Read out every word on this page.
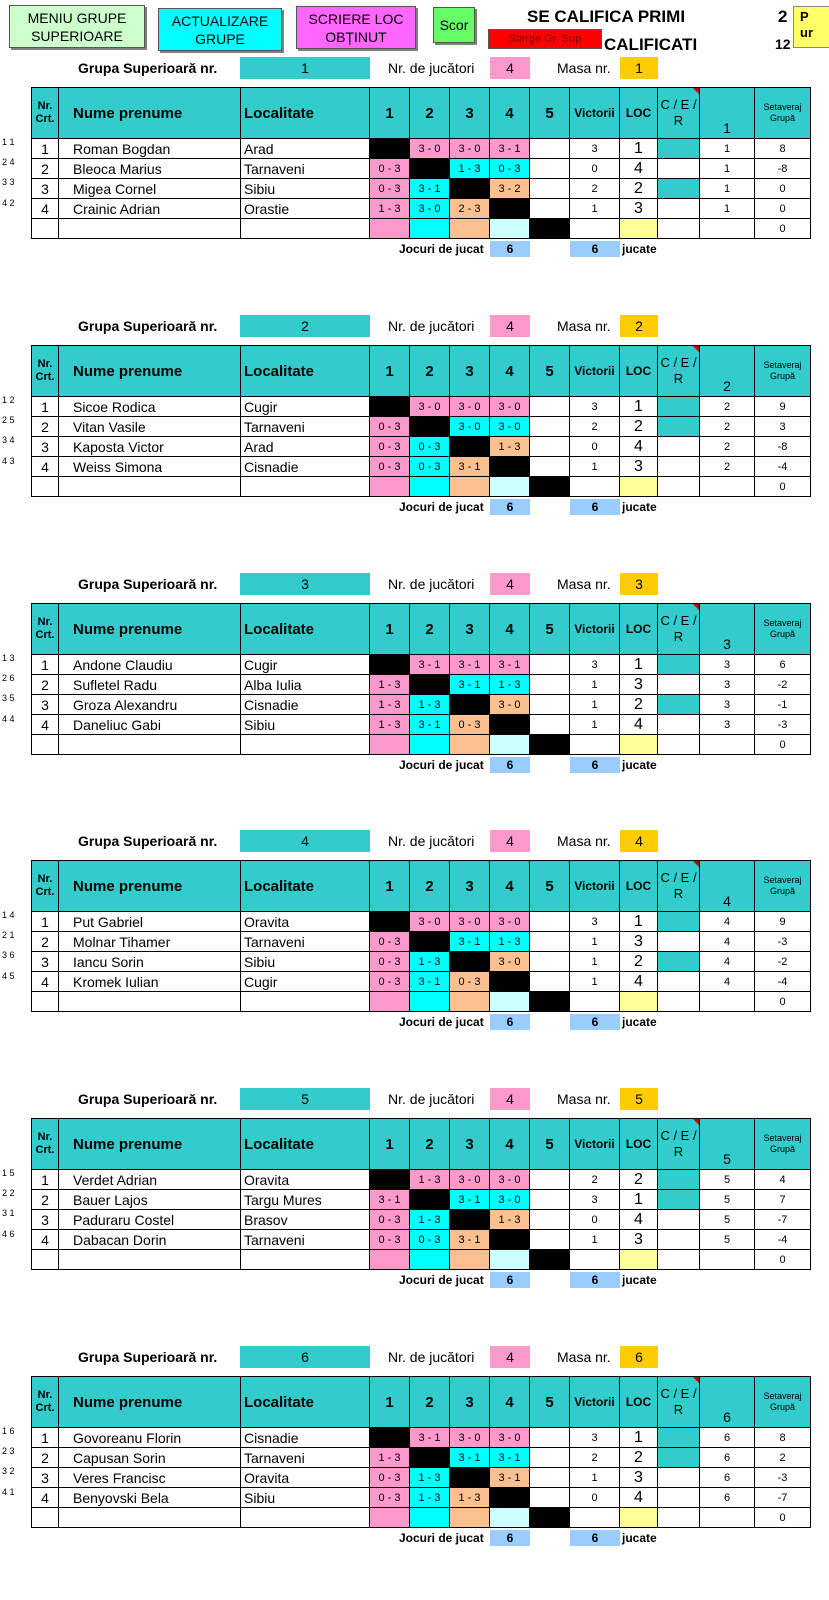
MENIU GRUPE
SUPERIOARE
ACTUALIZARE
GRUPE
SCRIERE LOC
OBȚINUT
Scor
Sterge Gr. Sup
SE CALIFICA PRIMI
CALIFICATI
2
12
P
ur
Grupa Superioară nr.	1	Nr. de jucători	4	Masa nr.	1
1 1
2 4
3 3
4 2
Nr. Crt.	Nume prenume	Localitate	1	2	3	4	5	Victorii	LOC	C / E / R	1	Setaveraj Grupă
1	Roman Bogdan	Arad		3 - 0	3 - 0	3 - 1		3	1		1	8
2	Bleoca Marius	Tarnaveni	0 - 3		1 - 3	0 - 3		0	4		1	-8
3	Migea Cornel	Sibiu	0 - 3	3 - 1		3 - 2		2	2		1	0
4	Crainic Adrian	Orastie	1 - 3	3 - 0	2 - 3			1	3		1	0
												0
Jocuri de jucat	6	6	jucate
Grupa Superioară nr.	2	Nr. de jucători	4	Masa nr.	2
1 2
2 5
3 4
4 3
Nr. Crt.	Nume prenume	Localitate	1	2	3	4	5	Victorii	LOC	C / E / R	2	Setaveraj Grupă
1	Sicoe Rodica	Cugir		3 - 0	3 - 0	3 - 0		3	1		2	9
2	Vitan Vasile	Tarnaveni	0 - 3		3 - 0	3 - 0		2	2		2	3
3	Kaposta Victor	Arad	0 - 3	0 - 3		1 - 3		0	4		2	-8
4	Weiss Simona	Cisnadie	0 - 3	0 - 3	3 - 1			1	3		2	-4
												0
Jocuri de jucat	6	6	jucate
Grupa Superioară nr.	3	Nr. de jucători	4	Masa nr.	3
1 3
2 6
3 5
4 4
Nr. Crt.	Nume prenume	Localitate	1	2	3	4	5	Victorii	LOC	C / E / R	3	Setaveraj Grupă
1	Andone Claudiu	Cugir		3 - 1	3 - 1	3 - 1		3	1		3	6
2	Sufletel Radu	Alba Iulia	1 - 3		3 - 1	1 - 3		1	3		3	-2
3	Groza Alexandru	Cisnadie	1 - 3	1 - 3		3 - 0		1	2		3	-1
4	Daneliuc Gabi	Sibiu	1 - 3	3 - 1	0 - 3			1	4		3	-3
												0
Jocuri de jucat	6	6	jucate
Grupa Superioară nr.	4	Nr. de jucători	4	Masa nr.	4
1 4
2 1
3 6
4 5
Nr. Crt.	Nume prenume	Localitate	1	2	3	4	5	Victorii	LOC	C / E / R	4	Setaveraj Grupă
1	Put Gabriel	Oravita		3 - 0	3 - 0	3 - 0		3	1		4	9
2	Molnar Tihamer	Tarnaveni	0 - 3		3 - 1	1 - 3		1	3		4	-3
3	Iancu Sorin	Sibiu	0 - 3	1 - 3		3 - 0		1	2		4	-2
4	Kromek Iulian	Cugir	0 - 3	3 - 1	0 - 3			1	4		4	-4
												0
Jocuri de jucat	6	6	jucate
Grupa Superioară nr.	5	Nr. de jucători	4	Masa nr.	5
1 5
2 2
3 1
4 6
Nr. Crt.	Nume prenume	Localitate	1	2	3	4	5	Victorii	LOC	C / E / R	5	Setaveraj Grupă
1	Verdet Adrian	Oravita		1 - 3	3 - 0	3 - 0		2	2		5	4
2	Bauer Lajos	Targu Mures	3 - 1		3 - 1	3 - 0		3	1		5	7
3	Paduraru Costel	Brasov	0 - 3	1 - 3		1 - 3		0	4		5	-7
4	Dabacan Dorin	Tarnaveni	0 - 3	0 - 3	3 - 1			1	3		5	-4
												0
Jocuri de jucat	6	6	jucate
Grupa Superioară nr.	6	Nr. de jucători	4	Masa nr.	6
1 6
2 3
3 2
4 1
Nr. Crt.	Nume prenume	Localitate	1	2	3	4	5	Victorii	LOC	C / E / R	6	Setaveraj Grupă
1	Govoreanu Florin	Cisnadie		3 - 1	3 - 0	3 - 0		3	1		6	8
2	Capusan Sorin	Tarnaveni	1 - 3		3 - 1	3 - 1		2	2		6	2
3	Veres Francisc	Oravita	0 - 3	1 - 3		3 - 1		1	3		6	-3
4	Benyovski Bela	Sibiu	0 - 3	1 - 3	1 - 3			0	4		6	-7
												0
Jocuri de jucat	6	6	jucate
